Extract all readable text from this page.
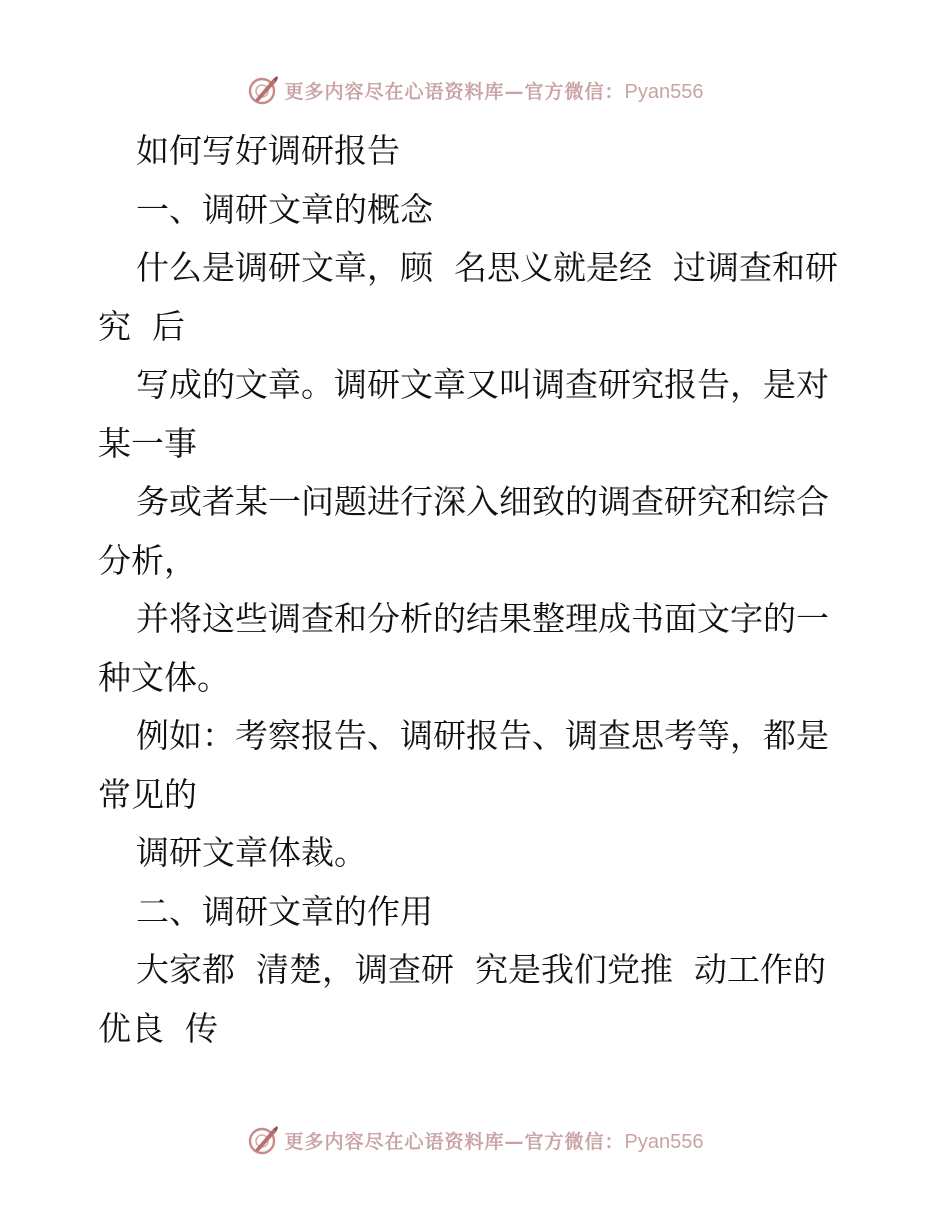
更多内容尽在心语资料库—官方微信：Pyan556
如何写好调研报告
一、调研文章的概念
什么是调研文章，顾  名思义就是经  过调查和研
究  后
写成的文章。调研文章又叫调查研究报告，是对
某一事
务或者某一问题进行深入细致的调查研究和综合
分析，
并将这些调查和分析的结果整理成书面文字的一
种文体。
例如：考察报告、调研报告、调查思考等，都是
常见的
调研文章体裁。
二、调研文章的作用
大家都  清楚，调查研  究是我们党推  动工作的
优良  传
更多内容尽在心语资料库—官方微信：Pyan556
